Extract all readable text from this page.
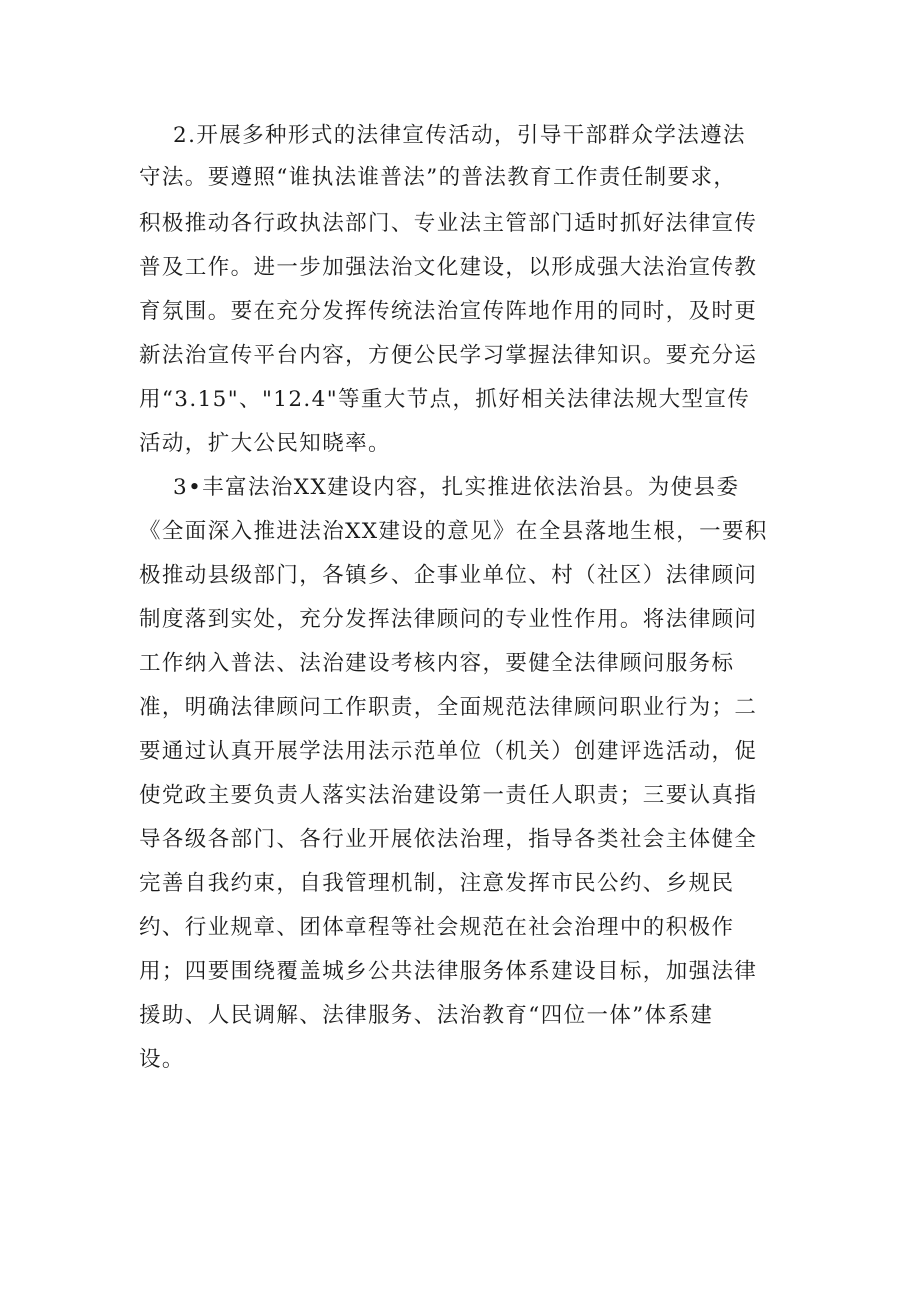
2.开展多种形式的法律宣传活动，引导干部群众学法遵法
守法。要遵照“谁执法谁普法”的普法教育工作责任制要求，
积极推动各行政执法部门、专业法主管部门适时抓好法律宣传
普及工作。进一步加强法治文化建设，以形成强大法治宣传教
育氛围。要在充分发挥传统法治宣传阵地作用的同时，及时更
新法治宣传平台内容，方便公民学习掌握法律知识。要充分运
用“3.15"、"12.4"等重大节点，抓好相关法律法规大型宣传
活动，扩大公民知晓率。
3•丰富法治XX建设内容，扎实推进依法治县。为使县委
《全面深入推进法治XX建设的意见》在全县落地生根，一要积
极推动县级部门，各镇乡、企事业单位、村（社区）法律顾问
制度落到实处，充分发挥法律顾问的专业性作用。将法律顾问
工作纳入普法、法治建设考核内容，要健全法律顾问服务标
准，明确法律顾问工作职责，全面规范法律顾问职业行为；二
要通过认真开展学法用法示范单位（机关）创建评选活动，促
使党政主要负责人落实法治建设第一责任人职责；三要认真指
导各级各部门、各行业开展依法治理，指导各类社会主体健全
完善自我约束，自我管理机制，注意发挥市民公约、乡规民
约、行业规章、团体章程等社会规范在社会治理中的积极作
用；四要围绕覆盖城乡公共法律服务体系建设目标，加强法律
援助、人民调解、法律服务、法治教育“四位一体”体系建
设。
